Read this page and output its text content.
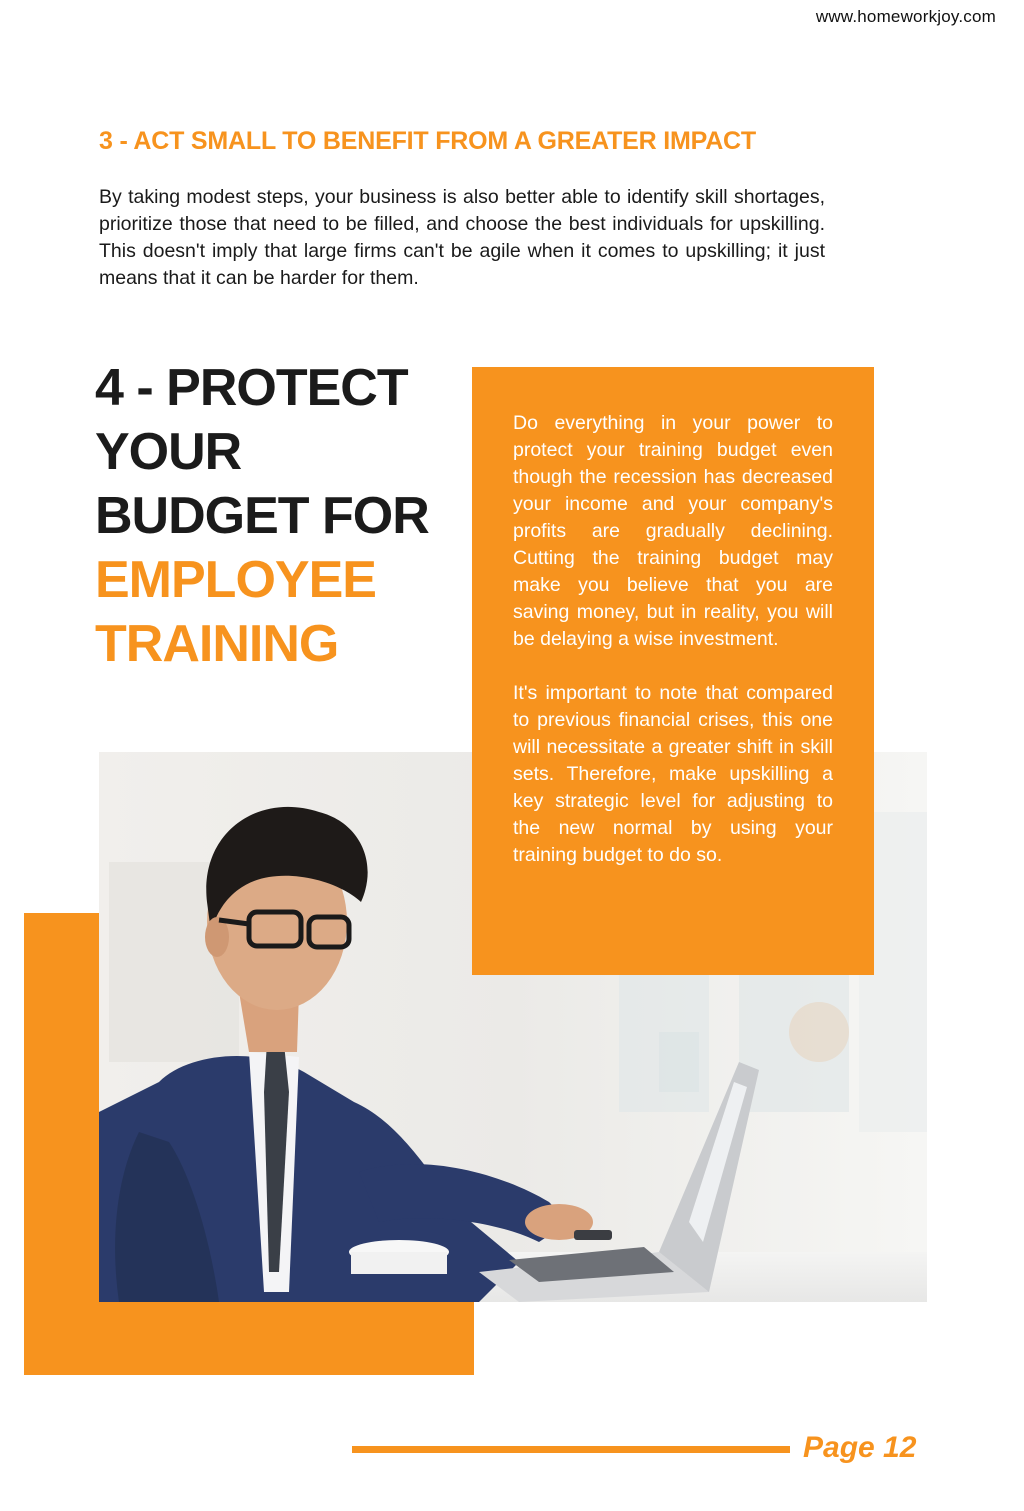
www.homeworkjoy.com
3 - ACT SMALL TO BENEFIT FROM A GREATER IMPACT

By taking modest steps, your business is also better able to identify skill shortages, prioritize those that need to be filled, and choose the best individuals for upskilling. This doesn't imply that large firms can't be agile when it comes to upskilling; it just means that it can be harder for them.

4 - PROTECT
YOUR
BUDGET FOR
EMPLOYEE
TRAINING

Do everything in your power to protect your training budget even though the recession has decreased your income and your company's profits are gradually declining. Cutting the training budget may make you believe that you are saving money, but in reality, you will be delaying a wise investment.

It's important to note that compared to previous financial crises, this one will necessitate a greater shift in skill sets. Therefore, make upskilling a key strategic level for adjusting to the new normal by using your training budget to do so.

Page 12
